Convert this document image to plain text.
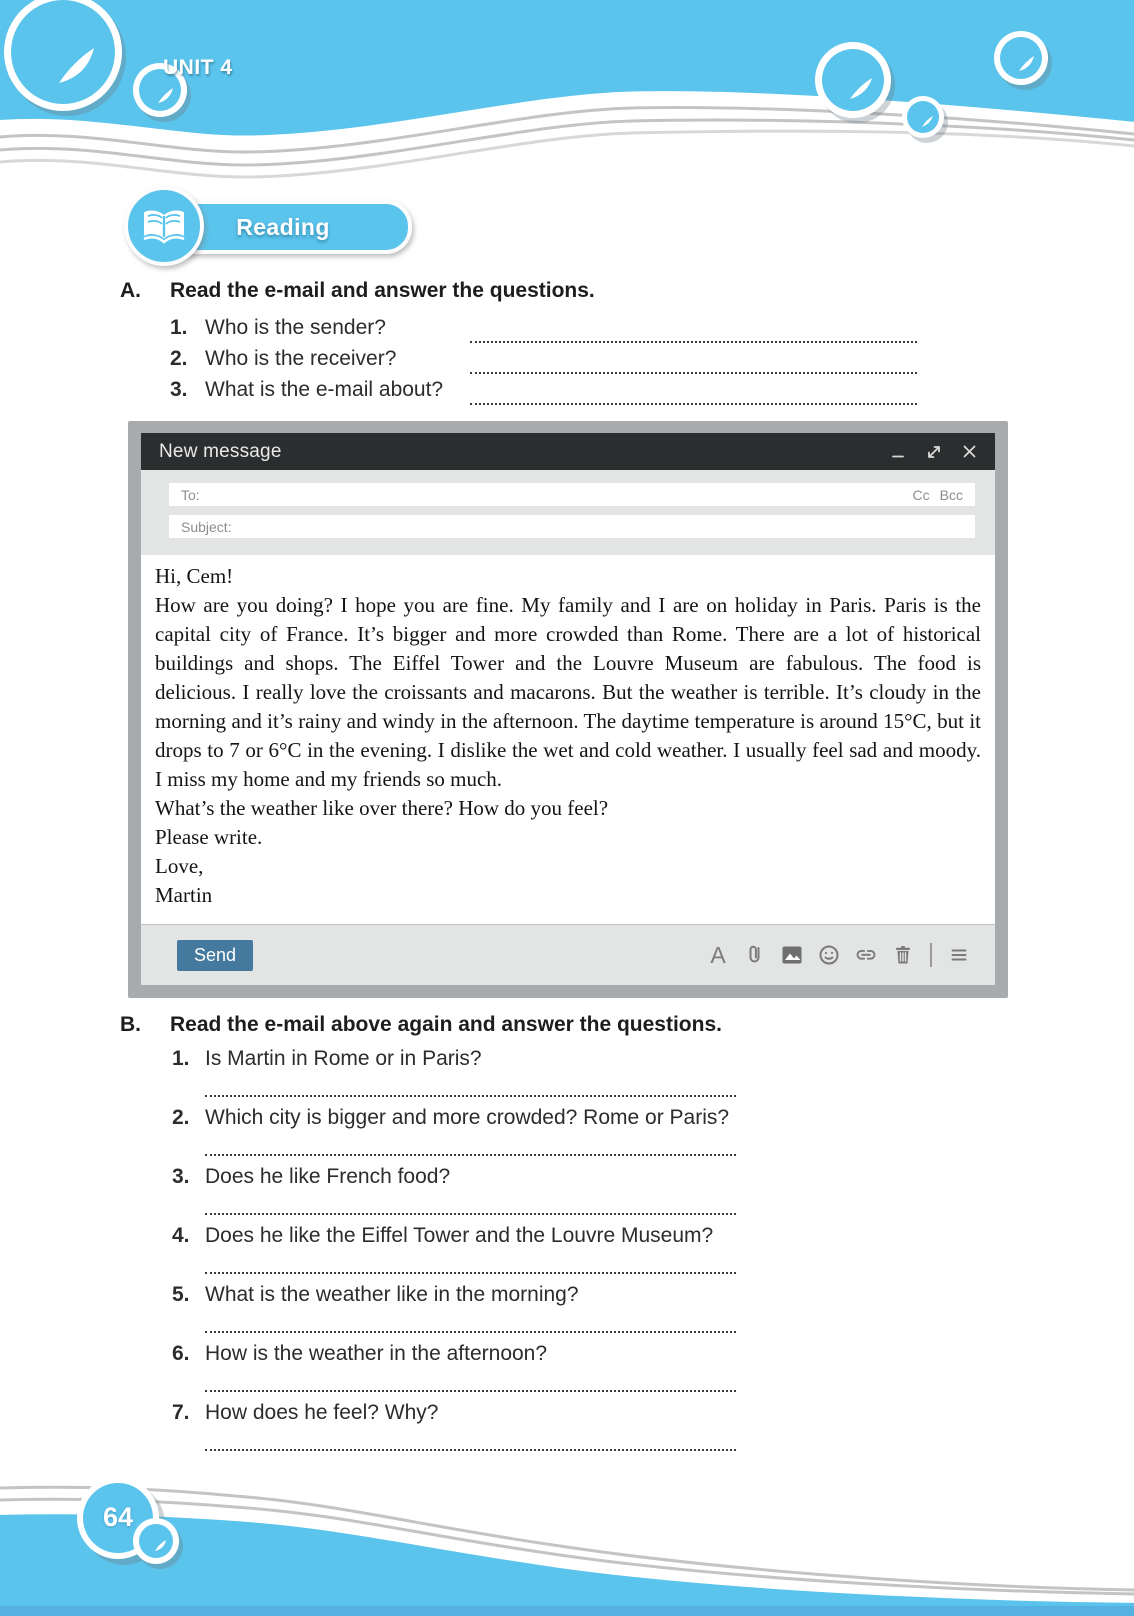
UNIT 4
Reading
A.	Read the e-mail and answer the questions.
1. Who is the sender?
2. Who is the receiver?
3. What is the e-mail about?
New message
To:	Cc Bcc
Subject:

Hi, Cem!

How are you doing? I hope you are fine. My family and I are on holiday in Paris. Paris is the capital city of France. It’s bigger and more crowded than Rome. There are a lot of historical buildings and shops. The Eiffel Tower and the Louvre Museum are fabulous. The food is delicious. I really love the croissants and macarons. But the weather is terrible. It’s cloudy in the morning and it’s rainy and windy in the afternoon. The daytime temperature is around 15°C, but it drops to 7 or 6°C in the evening. I dislike the wet and cold weather. I usually feel sad and moody. I miss my home and my friends so much.

What’s the weather like over there? How do you feel?

Please write.

Love,

Martin

Send	A
B.	Read the e-mail above again and answer the questions.
1. Is Martin in Rome or in Paris?
2. Which city is bigger and more crowded? Rome or Paris?
3. Does he like French food?
4. Does he like the Eiffel Tower and the Louvre Museum?
5. What is the weather like in the morning?
6. How is the weather in the afternoon?
7. How does he feel? Why?
64
